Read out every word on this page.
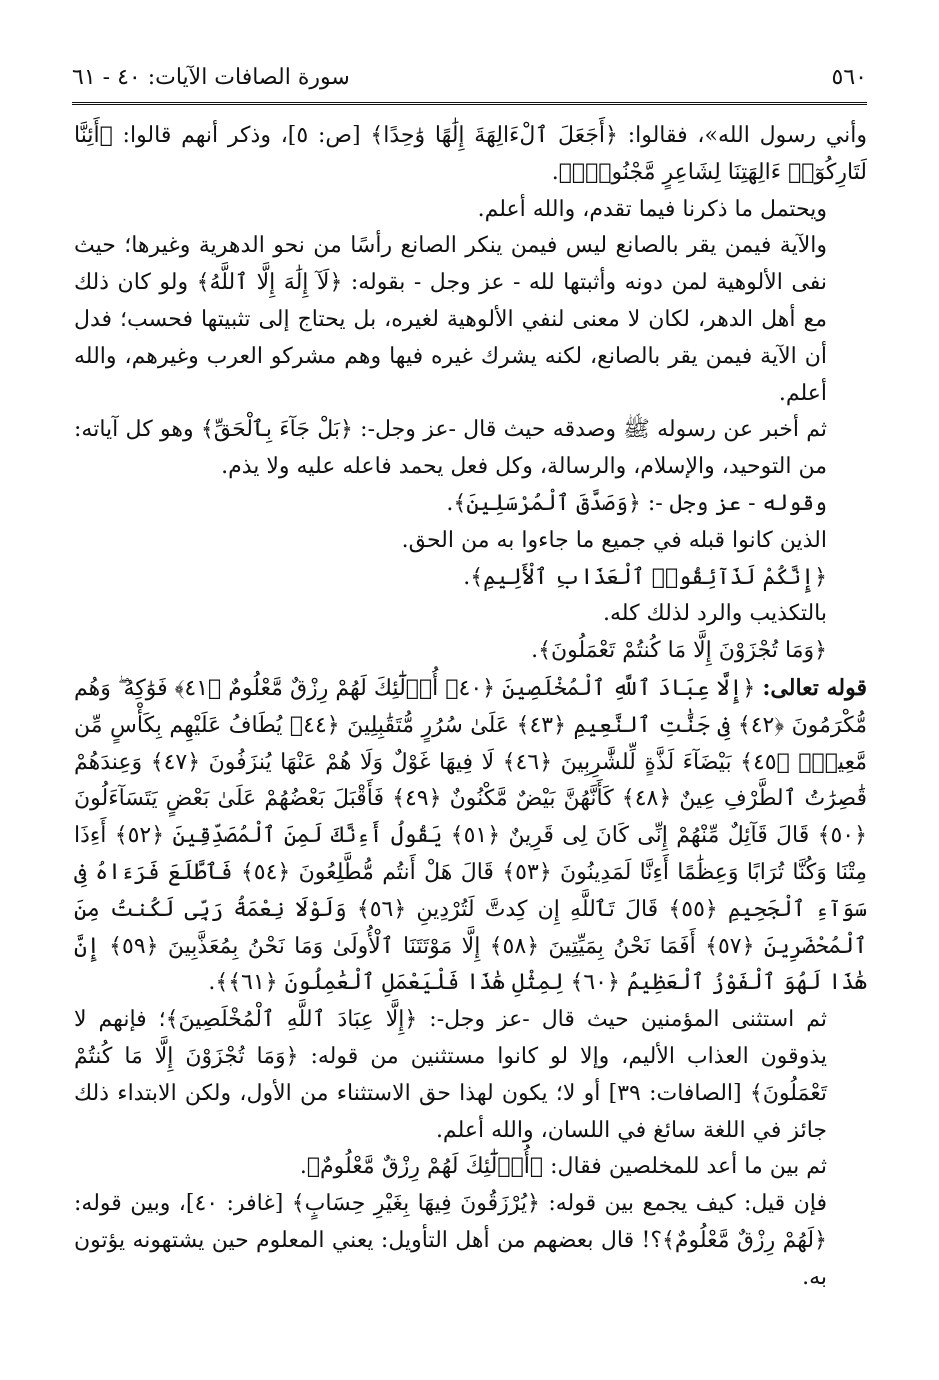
٥٦٠
سورة الصافات الآيات: ٤٠ - ٦١

وأني رسول الله»، فقالوا: ﴿أَجَعَلَ ٱلْءَالِهَةَ إِلَٰهًا وَٰحِدًا﴾ [ص: ٥]، وذكر أنهم قالوا: ﴿أَئِنَّا لَتَارِكُوٓا۟ ءَالِهَتِنَا لِشَاعِرٍ مَّجْنُونٍۭ﴾.

ويحتمل ما ذكرنا فيما تقدم، والله أعلم.

والآية فيمن يقر بالصانع ليس فيمن ينكر الصانع رأسًا من نحو الدهرية وغيرها؛ حيث نفى الألوهية لمن دونه وأثبتها لله - عز وجل - بقوله: ﴿لَآ إِلَٰهَ إِلَّا ٱللَّهُ﴾ ولو كان ذلك مع أهل الدهر، لكان لا معنى لنفي الألوهية لغيره، بل يحتاج إلى تثبيتها فحسب؛ فدل أن الآية فيمن يقر بالصانع، لكنه يشرك غيره فيها وهم مشركو العرب وغيرهم، والله أعلم.

ثم أخبر عن رسوله ﷺ وصدقه حيث قال -عز وجل-: ﴿بَلْ جَآءَ بِٱلْحَقِّ﴾ وهو كل آياته: من التوحيد، والإسلام، والرسالة، وكل فعل يحمد فاعله عليه ولا يذم.

وقوله - عز وجل -: ﴿وَصَدَّقَ ٱلْمُرْسَلِينَ﴾.

الذين كانوا قبله في جميع ما جاءوا به من الحق.

﴿إِنَّكُمْ لَذَآئِقُوا۟ ٱلْعَذَابِ ٱلْأَلِيمِ﴾.

بالتكذيب والرد لذلك كله.

﴿وَمَا تُجْزَوْنَ إِلَّا مَا كُنتُمْ تَعْمَلُونَ﴾.

قوله تعالى: ﴿إِلَّا عِبَادَ ٱللَّهِ ٱلْمُخْلَصِينَ ﴿٤٠﴾ أُو۟لَٰٓئِكَ لَهُمْ رِزْقٌ مَّعْلُومٌ ﴿٤١﴾ فَوَٰكِهُ ۖ وَهُم مُّكْرَمُونَ ﴿٤٢﴾ فِى جَنَّٰتِ ٱلنَّعِيمِ ﴿٤٣﴾ عَلَىٰ سُرُرٍ مُّتَقَٰبِلِينَ ﴿٤٤﴾ يُطَافُ عَلَيْهِم بِكَأْسٍ مِّن مَّعِينٍۭ ﴿٤٥﴾ بَيْضَآءَ لَذَّةٍ لِّلشَّٰرِبِينَ ﴿٤٦﴾ لَا فِيهَا غَوْلٌ وَلَا هُمْ عَنْهَا يُنزَفُونَ ﴿٤٧﴾ وَعِندَهُمْ قَٰصِرَٰتُ ٱلطَّرْفِ عِينٌ ﴿٤٨﴾ كَأَنَّهُنَّ بَيْضٌ مَّكْنُونٌ ﴿٤٩﴾ فَأَقْبَلَ بَعْضُهُمْ عَلَىٰ بَعْضٍ يَتَسَآءَلُونَ ﴿٥٠﴾ قَالَ قَآئِلٌ مِّنْهُمْ إِنِّى كَانَ لِى قَرِينٌ ﴿٥١﴾ يَقُولُ أَءِنَّكَ لَمِنَ ٱلْمُصَدِّقِينَ ﴿٥٢﴾ أَءِذَا مِتْنَا وَكُنَّا تُرَابًا وَعِظَٰمًا أَءِنَّا لَمَدِينُونَ ﴿٥٣﴾ قَالَ هَلْ أَنتُم مُّطَّلِعُونَ ﴿٥٤﴾ فَٱطَّلَعَ فَرَءَاهُ فِى سَوَآءِ ٱلْجَحِيمِ ﴿٥٥﴾ قَالَ تَٱللَّهِ إِن كِدتَّ لَتُرْدِينِ ﴿٥٦﴾ وَلَوْلَا نِعْمَةُ رَبِّى لَكُنتُ مِنَ ٱلْمُحْضَرِينَ ﴿٥٧﴾ أَفَمَا نَحْنُ بِمَيِّتِينَ ﴿٥٨﴾ إِلَّا مَوْتَتَنَا ٱلْأُولَىٰ وَمَا نَحْنُ بِمُعَذَّبِينَ ﴿٥٩﴾ إِنَّ هَٰذَا لَهُوَ ٱلْفَوْزُ ٱلْعَظِيمُ ﴿٦٠﴾ لِمِثْلِ هَٰذَا فَلْيَعْمَلِ ٱلْعَٰمِلُونَ ﴿٦١﴾﴾.

ثم استثنى المؤمنين حيث قال -عز وجل-: ﴿إِلَّا عِبَادَ ٱللَّهِ ٱلْمُخْلَصِينَ﴾؛ فإنهم لا يذوقون العذاب الأليم، وإلا لو كانوا مستثنين من قوله: ﴿وَمَا تُجْزَوْنَ إِلَّا مَا كُنتُمْ تَعْمَلُونَ﴾ [الصافات: ٣٩] أو لا؛ يكون لهذا حق الاستثناء من الأول، ولكن الابتداء ذلك جائز في اللغة سائغ في اللسان، والله أعلم.

ثم بين ما أعد للمخلصين فقال: ﴿أُو۟لَٰٓئِكَ لَهُمْ رِزْقٌ مَّعْلُومٌ﴾.

فإن قيل: كيف يجمع بين قوله: ﴿يُرْزَقُونَ فِيهَا بِغَيْرِ حِسَابٍ﴾ [غافر: ٤٠]، وبين قوله: ﴿لَهُمْ رِزْقٌ مَّعْلُومٌ﴾؟! قال بعضهم من أهل التأويل: يعني المعلوم حين يشتهونه يؤتون به.
